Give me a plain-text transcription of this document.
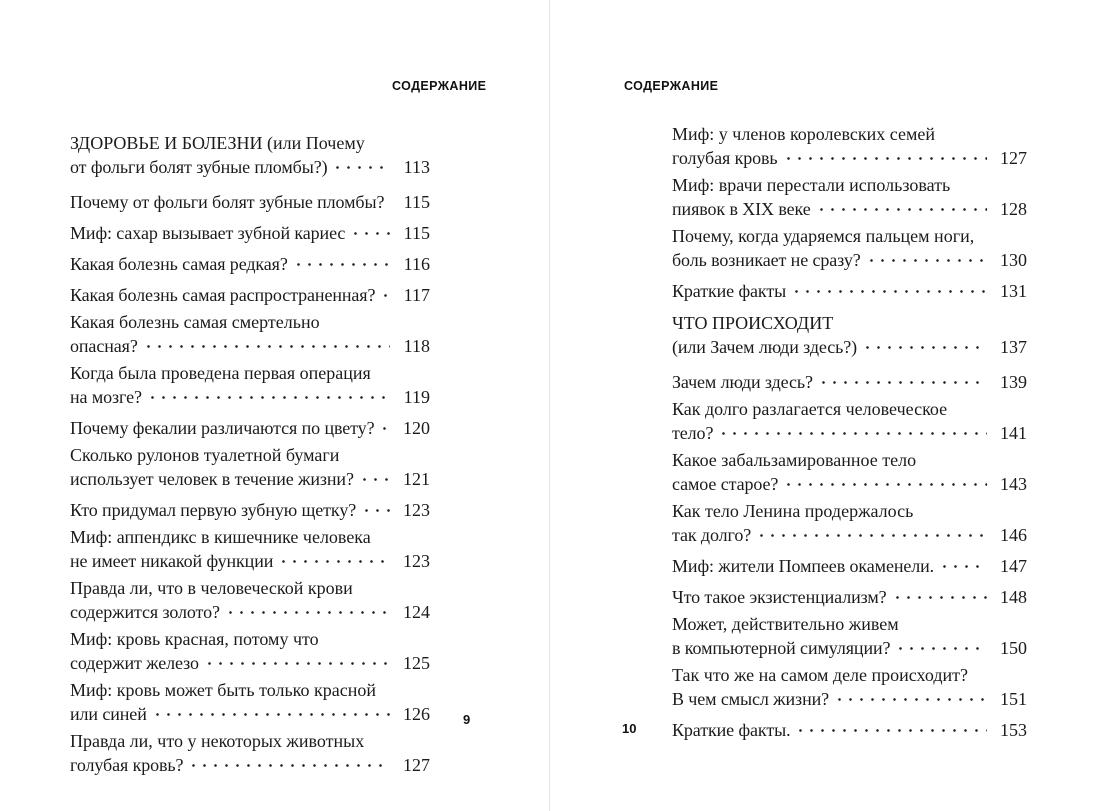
СОДЕРЖАНИЕ
ЗДОРОВЬЕ И БОЛЕЗНИ (или Почему
от фольги болят зубные пломбы?)	113
Почему от фольги болят зубные пломбы?	115
Миф: сахар вызывает зубной кариес	115
Какая болезнь самая редкая?	116
Какая болезнь самая распространенная?	117
Какая болезнь самая смертельно
опасная?	118
Когда была проведена первая операция
на мозге?	119
Почему фекалии различаются по цвету? 120
Сколько рулонов туалетной бумаги
использует человек в течение жизни?	121
Кто придумал первую зубную щетку?	123
Миф: аппендикс в кишечнике человека
не имеет никакой функции	123
Правда ли, что в человеческой крови
содержится золото?	124
Миф: кровь красная, потому что
содержит железо	125
Миф: кровь может быть только красной
или синей	126
Правда ли, что у некоторых животных
голубая кровь?	127
9
СОДЕРЖАНИЕ
Миф: у членов королевских семей
голубая кровь	127
Миф: врачи перестали использовать
пиявок в XIX веке	128
Почему, когда ударяемся пальцем ноги,
боль возникает не сразу?	130
Краткие факты	131
ЧТО ПРОИСХОДИТ
(или Зачем люди здесь?)	137
Зачем люди здесь?	139
Как долго разлагается человеческое
тело?	141
Какое забальзамированное тело
самое старое?	143
Как тело Ленина продержалось
так долго?	146
Миф: жители Помпеев окаменели.	147
Что такое экзистенциализм?	148
Может, действительно живем
в компьютерной симуляции?	150
Так что же на самом деле происходит?
В чем смысл жизни?	151
Краткие факты.	153
10
